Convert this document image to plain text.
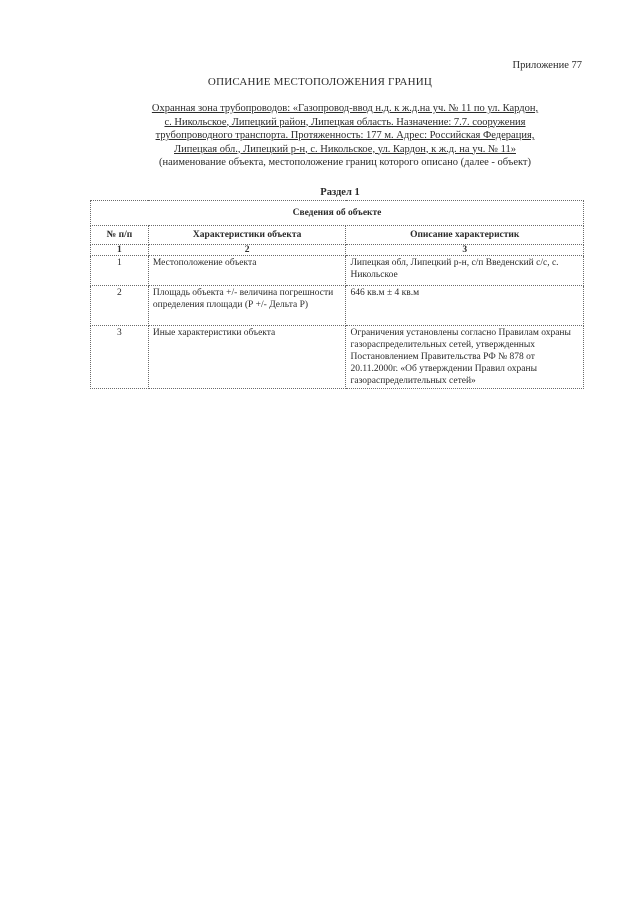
Приложение 77
ОПИСАНИЕ МЕСТОПОЛОЖЕНИЯ ГРАНИЦ
Охранная зона трубопроводов: «Газопровод-ввод н.д. к ж.д.на уч. № 11 по ул. Кардон,
с. Никольское, Липецкий район, Липецкая область. Назначение: 7.7. сооружения
трубопроводного транспорта. Протяженность: 177 м. Адрес: Российская Федерация,
Липецкая обл., Липецкий р-н, с. Никольское, ул. Кардон, к ж.д. на уч. № 11»
(наименование объекта, местоположение границ которого описано (далее - объект)
Раздел 1
Сведения об объекте		
№ п/п	Характеристики объекта	Описание характеристик
1	2	3
1	Местоположение объекта	Липецкая обл, Липецкий р-н, с/п Введенский с/с, с. Никольское
2	Площадь объекта +/- величина погрешности определения площади (Р +/- Дельта Р)	646 кв.м ± 4 кв.м
3	Иные характеристики объекта	Ограничения установлены согласно Правилам охраны газораспределительных сетей, утвержденных Постановлением Правительства РФ № 878 от 20.11.2000г. «Об утверждении Правил охраны газораспределительных сетей»
